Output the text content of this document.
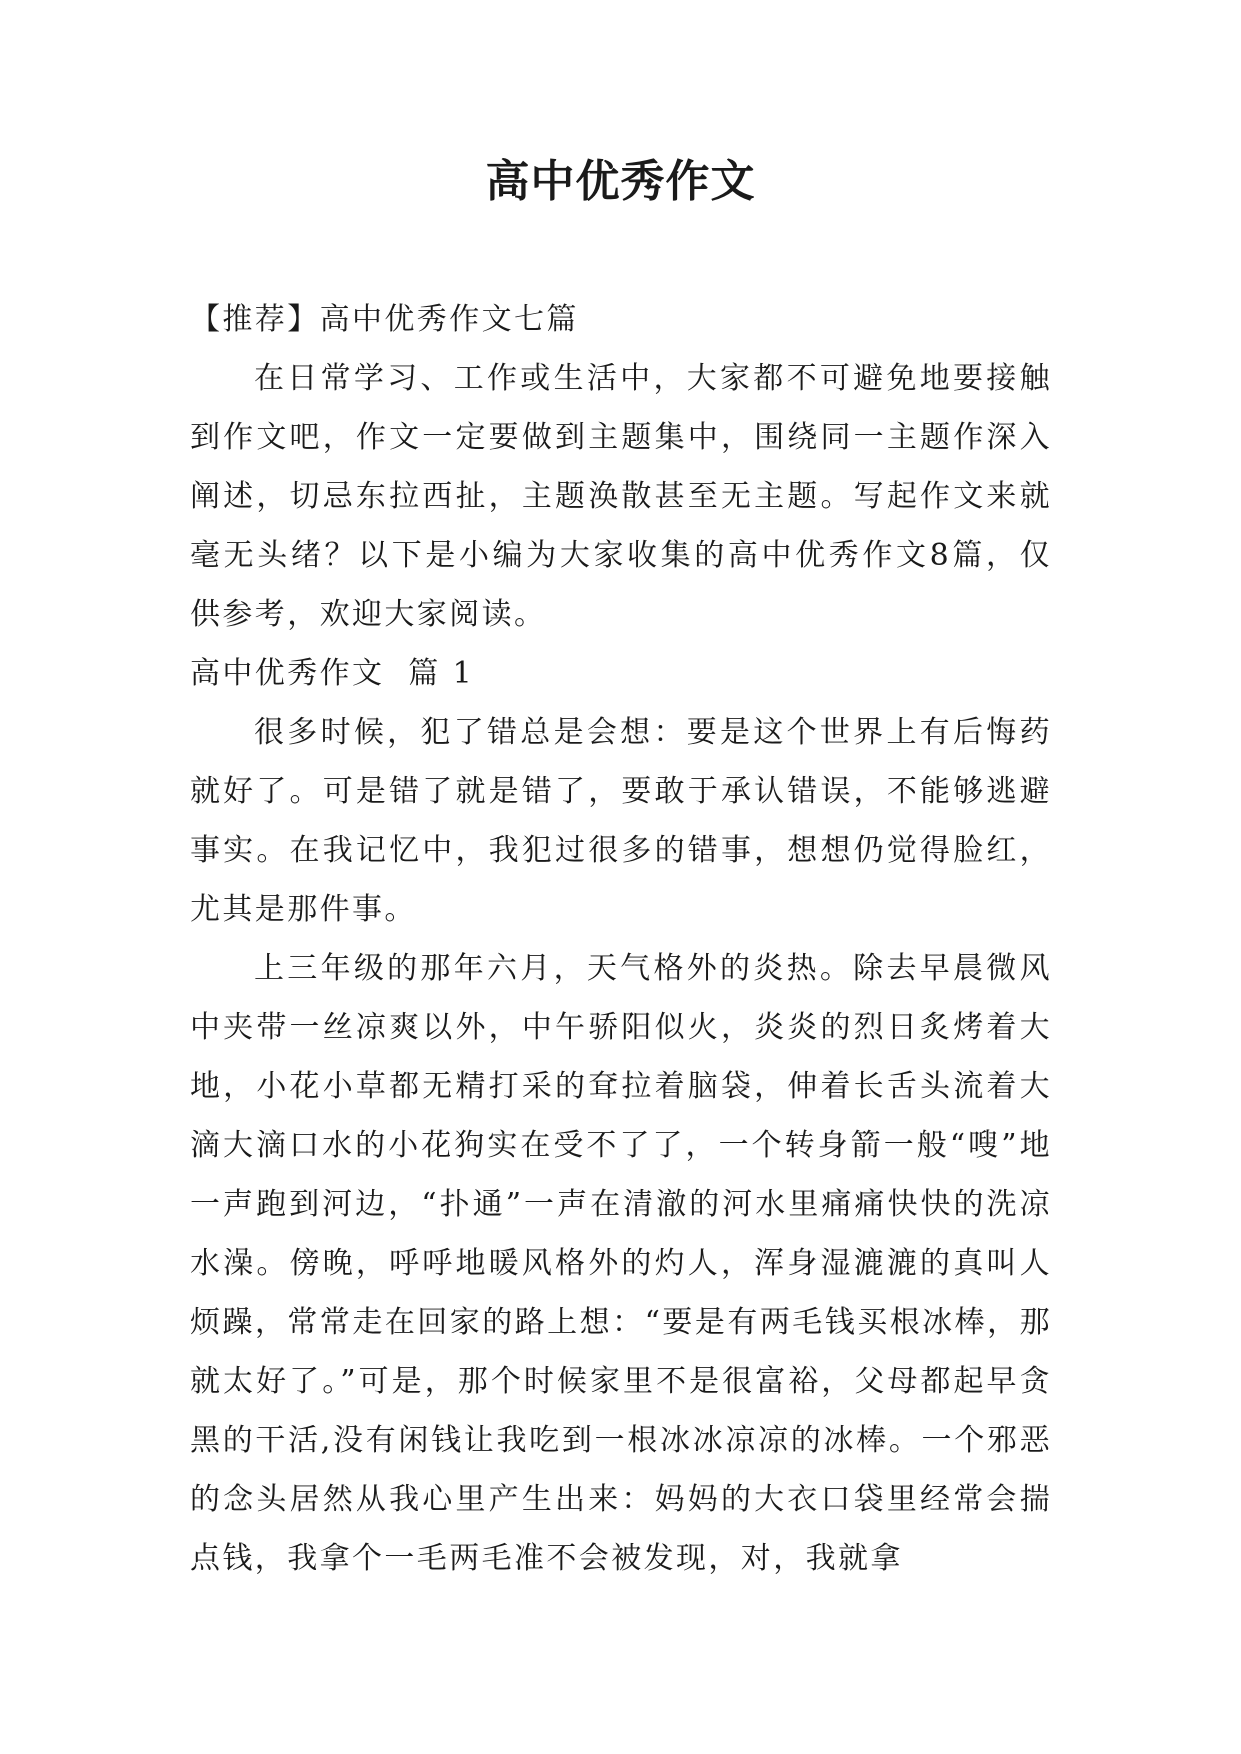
高中优秀作文

【推荐】高中优秀作文七篇

在日常学习、工作或生活中，大家都不可避免地要接触到作文吧，作文一定要做到主题集中，围绕同一主题作深入阐述，切忌东拉西扯，主题涣散甚至无主题。写起作文来就毫无头绪？以下是小编为大家收集的高中优秀作文8篇，仅供参考，欢迎大家阅读。

高中优秀作文  篇 1

很多时候，犯了错总是会想：要是这个世界上有后悔药就好了。可是错了就是错了，要敢于承认错误，不能够逃避事实。在我记忆中，我犯过很多的错事，想想仍觉得脸红，尤其是那件事。

上三年级的那年六月，天气格外的炎热。除去早晨微风中夹带一丝凉爽以外，中午骄阳似火，炎炎的烈日炙烤着大地，小花小草都无精打采的耷拉着脑袋，伸着长舌头流着大滴大滴口水的小花狗实在受不了了，一个转身箭一般“嗖”地一声跑到河边，“扑通”一声在清澈的河水里痛痛快快的洗凉水澡。傍晚，呼呼地暖风格外的灼人，浑身湿漉漉的真叫人烦躁，常常走在回家的路上想：“要是有两毛钱买根冰棒，那就太好了。”可是，那个时候家里不是很富裕，父母都起早贪黑的干活,没有闲钱让我吃到一根冰冰凉凉的冰棒。一个邪恶的念头居然从我心里产生出来：妈妈的大衣口袋里经常会揣点钱，我拿个一毛两毛准不会被发现，对，我就拿
